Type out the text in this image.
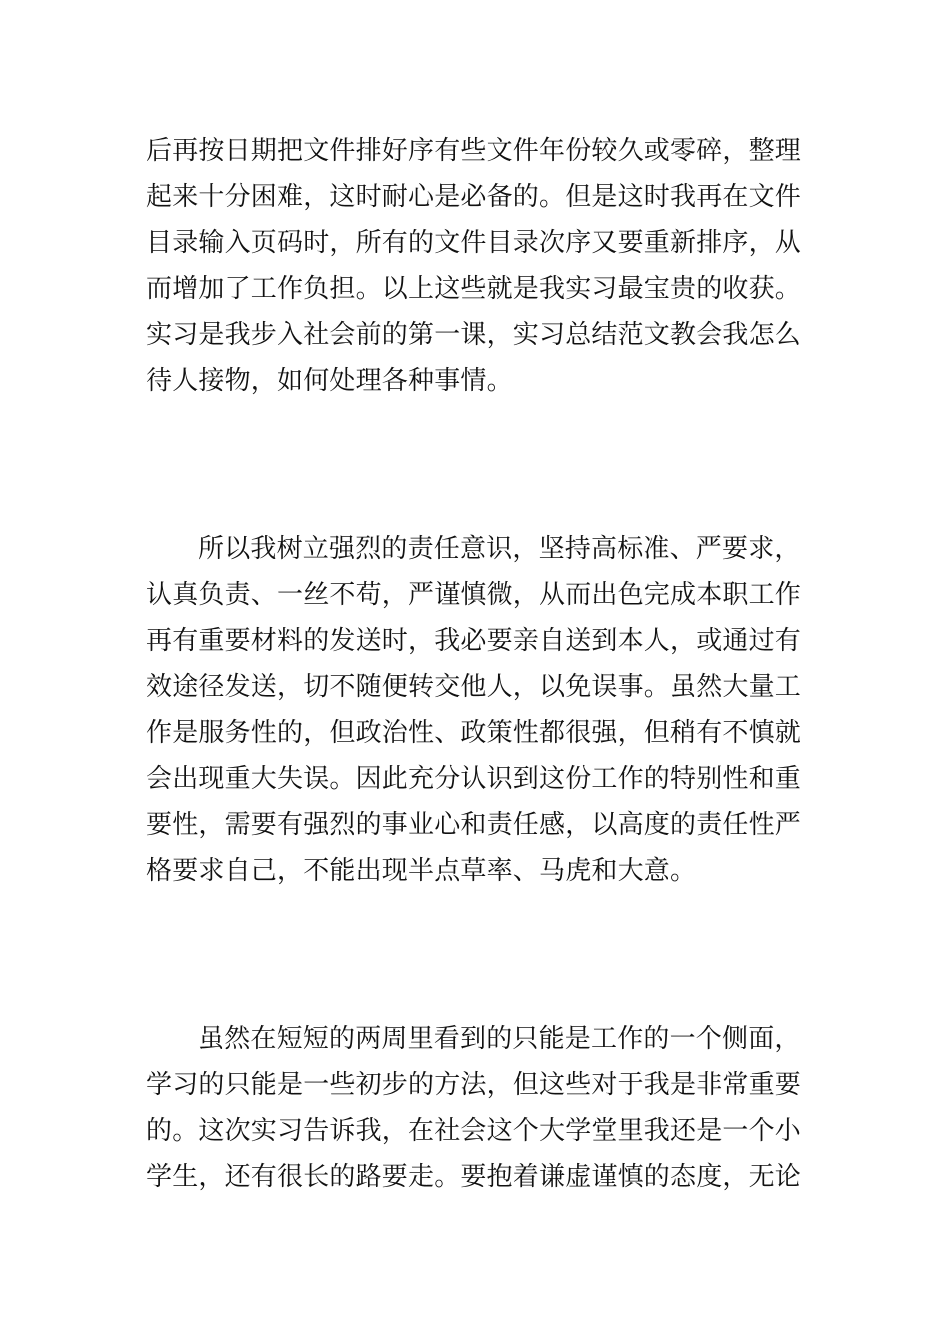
后再按日期把文件排好序有些文件年份较久或零碎，整理
起来十分困难，这时耐心是必备的。但是这时我再在文件
目录输入页码时，所有的文件目录次序又要重新排序，从
而增加了工作负担。以上这些就是我实习最宝贵的收获。
实习是我步入社会前的第一课，实习总结范文教会我怎么
待人接物，如何处理各种事情。
所以我树立强烈的责任意识，坚持高标准、严要求，
认真负责、一丝不苟，严谨慎微，从而出色完成本职工作
再有重要材料的发送时，我必要亲自送到本人，或通过有
效途径发送，切不随便转交他人，以免误事。虽然大量工
作是服务性的，但政治性、政策性都很强，但稍有不慎就
会出现重大失误。因此充分认识到这份工作的特别性和重
要性，需要有强烈的事业心和责任感，以高度的责任性严
格要求自己，不能出现半点草率、马虎和大意。
虽然在短短的两周里看到的只能是工作的一个侧面，
学习的只能是一些初步的方法，但这些对于我是非常重要
的。这次实习告诉我，在社会这个大学堂里我还是一个小
学生，还有很长的路要走。要抱着谦虚谨慎的态度，无论
